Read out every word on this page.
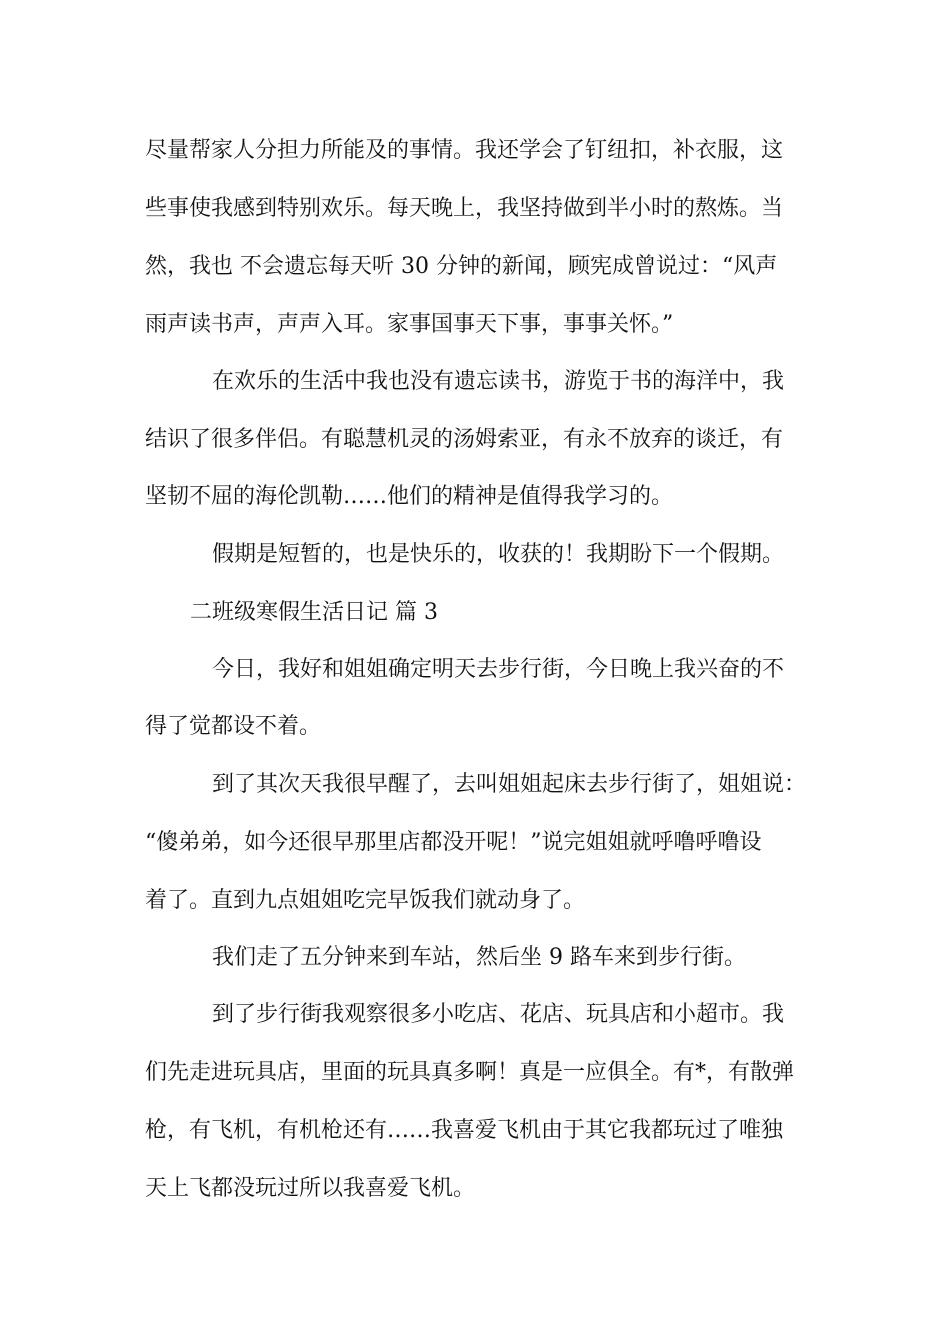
尽量帮家人分担力所能及的事情。我还学会了钉纽扣，补衣服，这
些事使我感到特别欢乐。每天晚上，我坚持做到半小时的熬炼。当
然，我也 不会遗忘每天听 30 分钟的新闻，顾宪成曾说过：“风声
雨声读书声，声声入耳。家事国事天下事，事事关怀。”
在欢乐的生活中我也没有遗忘读书，游览于书的海洋中，我
结识了很多伴侣。有聪慧机灵的汤姆索亚，有永不放弃的谈迁，有
坚韧不屈的海伦凯勒……他们的精神是值得我学习的。
假期是短暂的，也是快乐的，收获的！我期盼下一个假期。
二班级寒假生活日记 篇 3
今日，我好和姐姐确定明天去步行街，今日晚上我兴奋的不
得了觉都设不着。
到了其次天我很早醒了，去叫姐姐起床去步行街了，姐姐说：
“傻弟弟，如今还很早那里店都没开呢！”说完姐姐就呼噜呼噜设
着了。直到九点姐姐吃完早饭我们就动身了。
我们走了五分钟来到车站，然后坐 9 路车来到步行街。
到了步行街我观察很多小吃店、花店、玩具店和小超市。我
们先走进玩具店，里面的玩具真多啊！真是一应俱全。有*，有散弹
枪，有飞机，有机枪还有……我喜爱飞机由于其它我都玩过了唯独
天上飞都没玩过所以我喜爱飞机。
